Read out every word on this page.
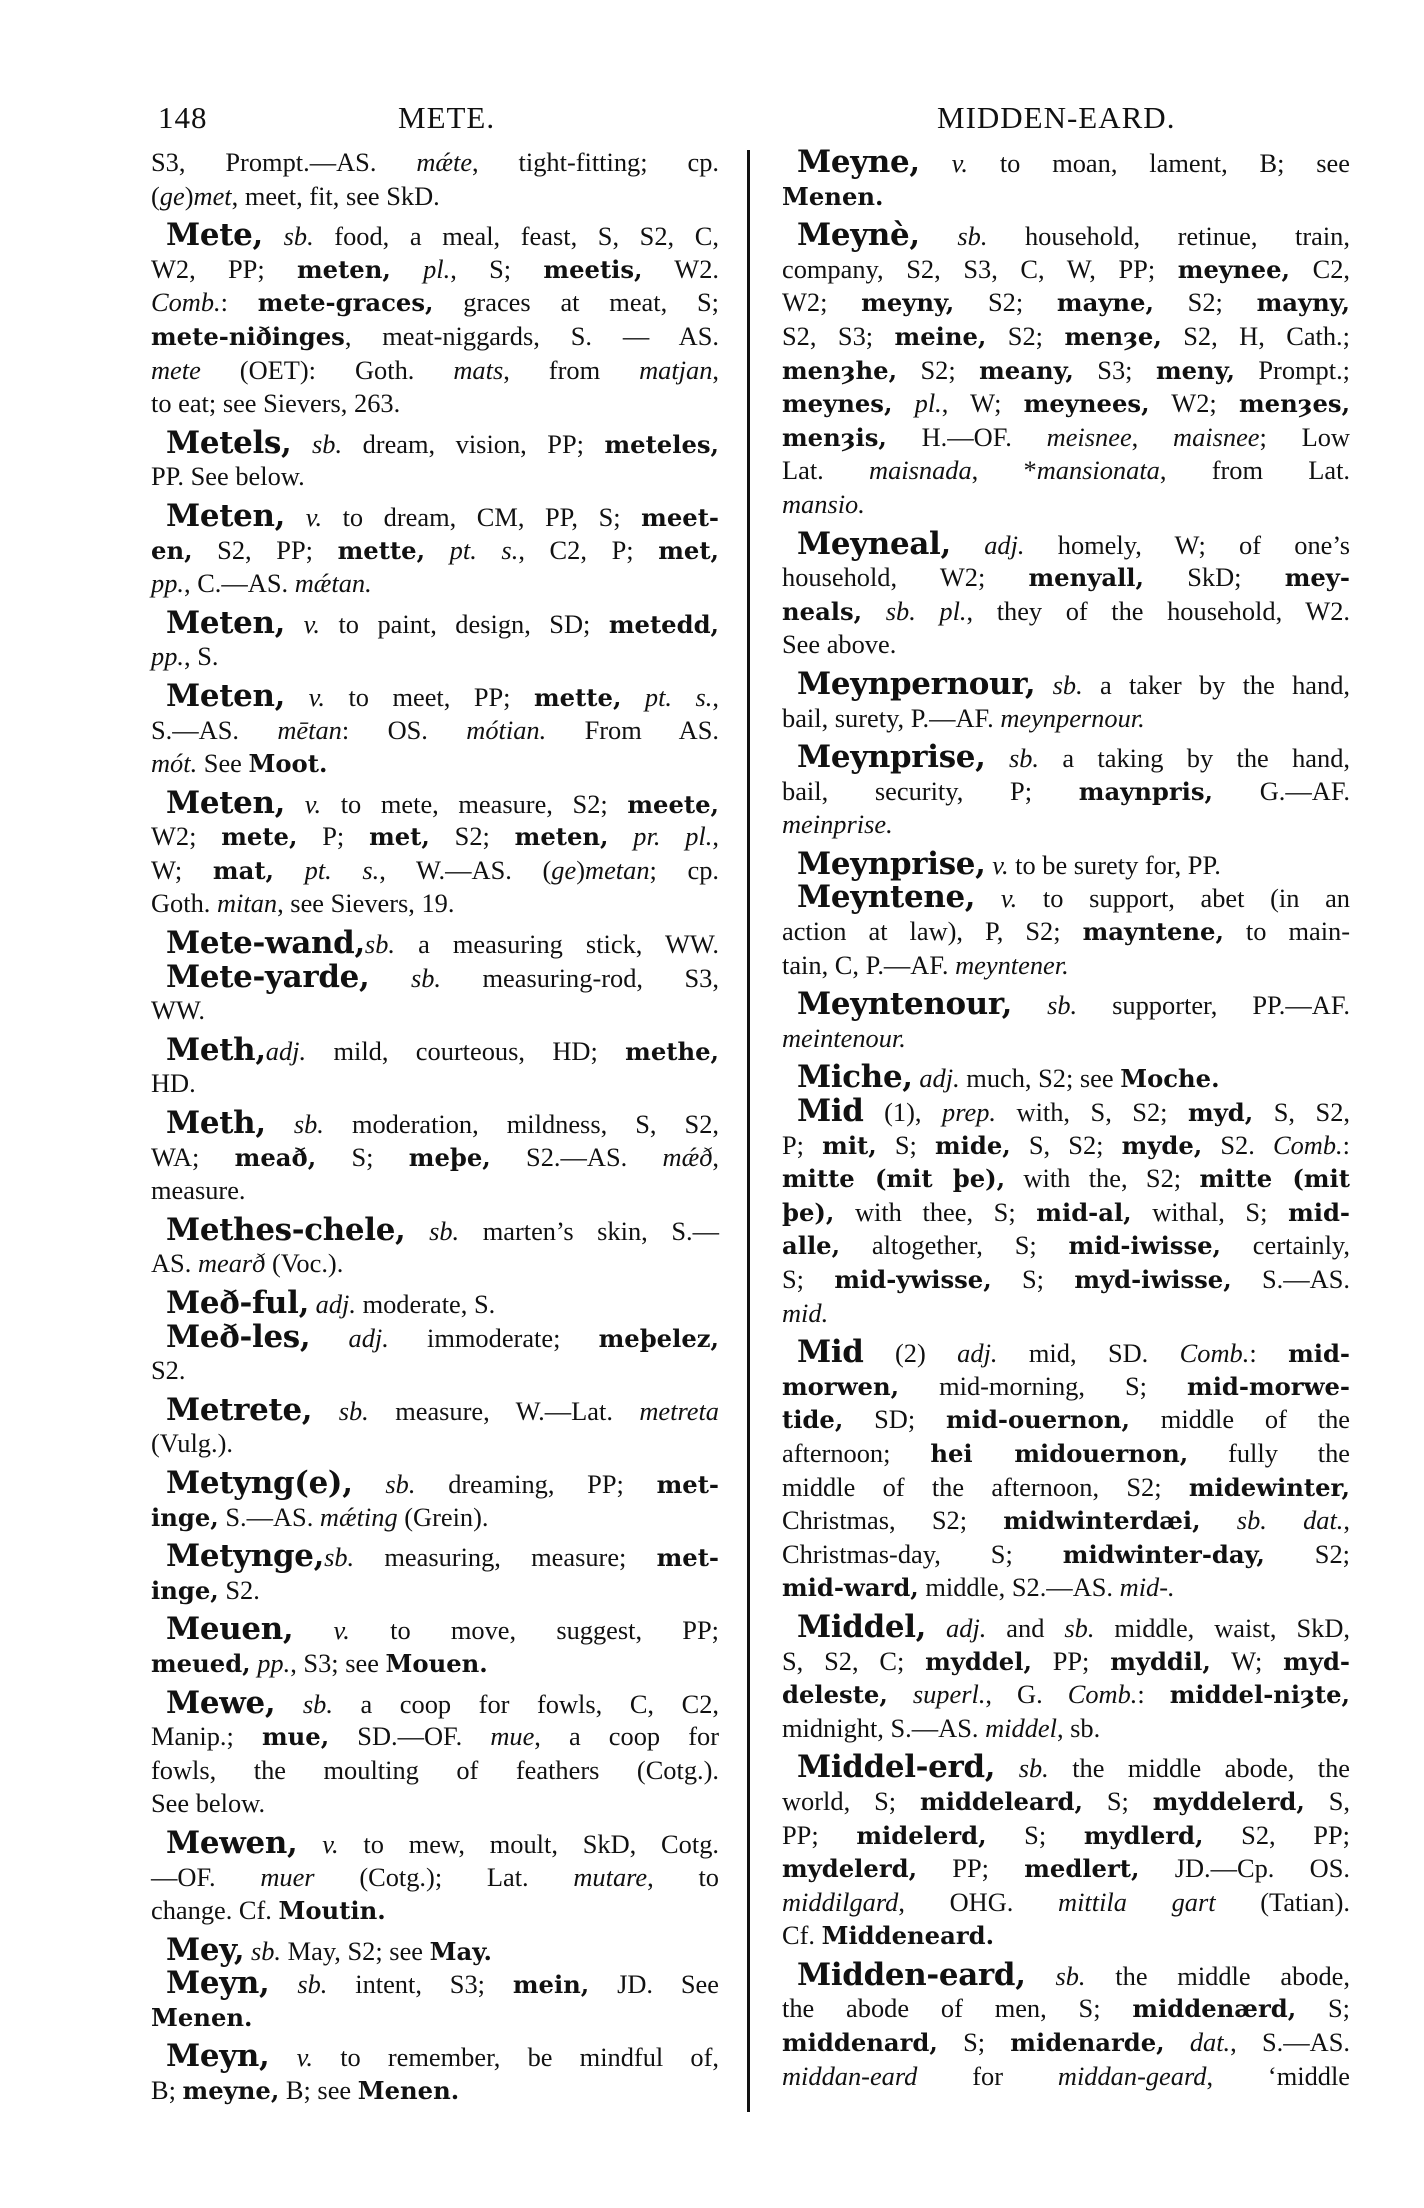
148	METE.	MIDDEN-EARD.
S3, Prompt.—AS. mǽte, tight-fitting; cp.
(ge)met, meet, fit, see SkD.
Mete, sb. food, a meal, feast, S, S2, C,
W2, PP; meten, pl., S; meetis, W2.
Comb.: mete-graces, graces at meat, S;
mete-niðinges, meat-niggards, S. — AS.
mete (OET): Goth. mats, from matjan,
to eat; see Sievers, 263.
Metels, sb. dream, vision, PP; meteles,
PP. See below.
Meten, v. to dream, CM, PP, S; meet-
en, S2, PP; mette, pt. s., C2, P; met,
pp., C.—AS. mǽtan.
Meten, v. to paint, design, SD; metedd,
pp., S.
Meten, v. to meet, PP; mette, pt. s.,
S.—AS. mētan: OS. mótian. From AS.
mót. See Moot.
Meten, v. to mete, measure, S2; meete,
W2; mete, P; met, S2; meten, pr. pl.,
W; mat, pt. s., W.—AS. (ge)metan; cp.
Goth. mitan, see Sievers, 19.
Mete-wand,sb. a measuring stick, WW.
Mete-yarde, sb. measuring-rod, S3,
WW.
Meth,adj. mild, courteous, HD; methe,
HD.
Meth, sb. moderation, mildness, S, S2,
WA; meað, S; meþe, S2.—AS. mǽð,
measure.
Methes-chele, sb. marten’s skin, S.—
AS. mearð (Voc.).
Með-ful, adj. moderate, S.
Með-les, adj. immoderate; meþelez,
S2.
Metrete, sb. measure, W.—Lat. metreta
(Vulg.).
Metyng(e), sb. dreaming, PP; met-
inge, S.—AS. mǽting (Grein).
Metynge,sb. measuring, measure; met-
inge, S2.
Meuen, v. to move, suggest, PP;
meued, pp., S3; see Mouen.
Mewe, sb. a coop for fowls, C, C2,
Manip.; mue, SD.—OF. mue, a coop for
fowls, the moulting of feathers (Cotg.).
See below.
Mewen, v. to mew, moult, SkD, Cotg.
—OF. muer (Cotg.); Lat. mutare, to
change. Cf. Moutin.
Mey, sb. May, S2; see May.
Meyn, sb. intent, S3; mein, JD. See
Menen.
Meyn, v. to remember, be mindful of,
B; meyne, B; see Menen.
Meyne, v. to moan, lament, B; see
Menen.
Meynè, sb. household, retinue, train,
company, S2, S3, C, W, PP; meynee, C2,
W2; meyny, S2; mayne, S2; mayny,
S2, S3; meine, S2; menȝe, S2, H, Cath.;
menȝhe, S2; meany, S3; meny, Prompt.;
meynes, pl., W; meynees, W2; menȝes,
menȝis, H.—OF. meisnee, maisnee; Low
Lat. maisnada, *mansionata, from Lat.
mansio.
Meyneal, adj. homely, W; of one’s
household, W2; menyall, SkD; mey-
neals, sb. pl., they of the household, W2.
See above.
Meynpernour, sb. a taker by the hand,
bail, surety, P.—AF. meynpernour.
Meynprise, sb. a taking by the hand,
bail, security, P; maynpris, G.—AF.
meinprise.
Meynprise, v. to be surety for, PP.
Meyntene, v. to support, abet (in an
action at law), P, S2; mayntene, to main-
tain, C, P.—AF. meyntener.
Meyntenour, sb. supporter, PP.—AF.
meintenour.
Miche, adj. much, S2; see Moche.
Mid (1), prep. with, S, S2; myd, S, S2,
P; mit, S; mide, S, S2; myde, S2. Comb.:
mitte (mit þe), with the, S2; mitte (mit
þe), with thee, S; mid-al, withal, S; mid-
alle, altogether, S; mid-iwisse, certainly,
S; mid-ywisse, S; myd-iwisse, S.—AS.
mid.
Mid (2) adj. mid, SD. Comb.: mid-
morwen, mid-morning, S; mid-morwe-
tide, SD; mid-ouernon, middle of the
afternoon; hei midouernon, fully the
middle of the afternoon, S2; midewinter,
Christmas, S2; midwinterdæi, sb. dat.,
Christmas-day, S; midwinter-day, S2;
mid-ward, middle, S2.—AS. mid-.
Middel, adj. and sb. middle, waist, SkD,
S, S2, C; myddel, PP; myddil, W; myd-
deleste, superl., G. Comb.: middel-niȝte,
midnight, S.—AS. middel, sb.
Middel-erd, sb. the middle abode, the
world, S; middeleard, S; myddelerd, S,
PP; midelerd, S; mydlerd, S2, PP;
mydelerd, PP; medlert, JD.—Cp. OS.
middilgard, OHG. mittila gart (Tatian).
Cf. Middeneard.
Midden-eard, sb. the middle abode,
the abode of men, S; middenærd, S;
middenard, S; midenarde, dat., S.—AS.
middan-eard for middan-geard, ‘middle
